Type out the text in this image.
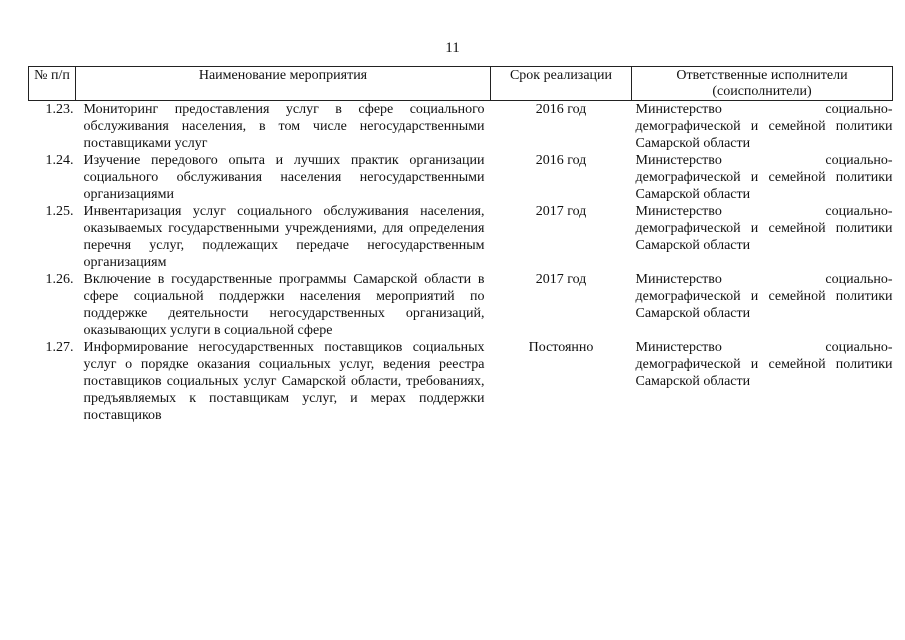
11
№ п/п	Наименование мероприятия	Срок реализации	Ответственные исполнители (соисполнители)
1.23.	Мониторинг предоставления услуг в сфере социального обслуживания населения, в том числе негосударственными поставщиками услуг	2016 год	Министерство социально-демографической и семейной политики Самарской области
1.24.	Изучение передового опыта и лучших практик организации социального обслуживания населения негосударственными организациями	2016 год	Министерство социально-демографической и семейной политики Самарской области
1.25.	Инвентаризация услуг социального обслуживания населения, оказываемых государственными учреждениями, для определения перечня услуг, подлежащих передаче негосударственным организациям	2017 год	Министерство социально-демографической и семейной политики Самарской области
1.26.	Включение в государственные программы Самарской области в сфере социальной поддержки населения мероприятий по поддержке деятельности негосударственных организаций, оказывающих услуги в социальной сфере	2017 год	Министерство социально-демографической и семейной политики Самарской области
1.27.	Информирование негосударственных поставщиков социальных услуг о порядке оказания социальных услуг, ведения реестра поставщиков социальных услуг Самарской области, требованиях, предъявляемых к поставщикам услуг, и мерах поддержки поставщиков	Постоянно	Министерство социально-демографической и семейной политики Самарской области
